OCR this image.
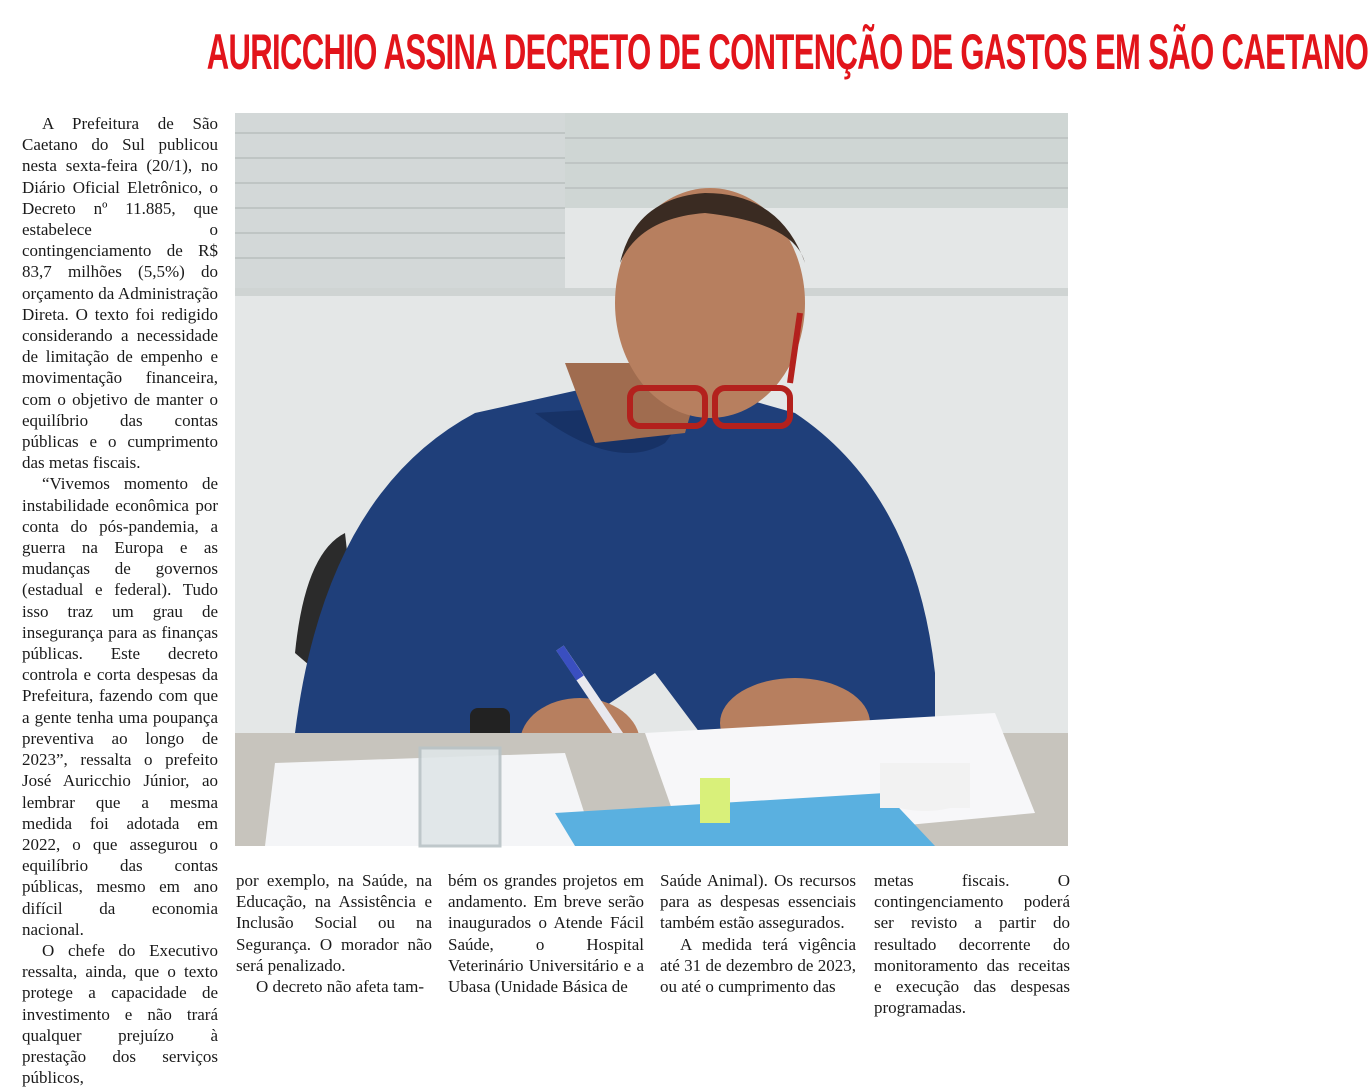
AURICCHIO ASSINA DECRETO DE CONTENÇÃO DE GASTOS EM SÃO CAETANO

A Prefeitura de São Caetano do Sul publicou nesta sexta-feira (20/1), no Diário Oficial Eletrônico, o Decreto nº 11.885, que estabelece o contingenciamento de R$ 83,7 milhões (5,5%) do orçamento da Administração Direta. O texto foi redigido considerando a necessidade de limitação de empenho e movimentação financeira, com o objetivo de manter o equilíbrio das contas públicas e o cumprimento das metas fiscais.

“Vivemos momento de instabilidade econômica por conta do pós-pandemia, a guerra na Europa e as mudanças de governos (estadual e federal). Tudo isso traz um grau de insegurança para as finanças públicas. Este decreto controla e corta despesas da Prefeitura, fazendo com que a gente tenha uma poupança preventiva ao longo de 2023”, ressalta o prefeito José Auricchio Júnior, ao lembrar que a mesma medida foi adotada em 2022, o que assegurou o equilíbrio das contas públicas, mesmo em ano difícil da economia nacional.

O chefe do Executivo ressalta, ainda, que o texto protege a capacidade de investimento e não trará qualquer prejuízo à prestação dos serviços públicos,

por exemplo, na Saúde, na Educação, na Assistência e Inclusão Social ou na Segurança. O morador não será penalizado.

O decreto não afeta tam-

bém os grandes projetos em andamento. Em breve serão inaugurados o Atende Fácil Saúde, o Hospital Veterinário Universitário e a Ubasa (Unidade Básica de

Saúde Animal). Os recursos para as despesas essenciais também estão assegurados.

A medida terá vigência até 31 de dezembro de 2023, ou até o cumprimento das

metas fiscais. O contingenciamento poderá ser revisto a partir do resultado decorrente do monitoramento das receitas e execução das despesas programadas.
